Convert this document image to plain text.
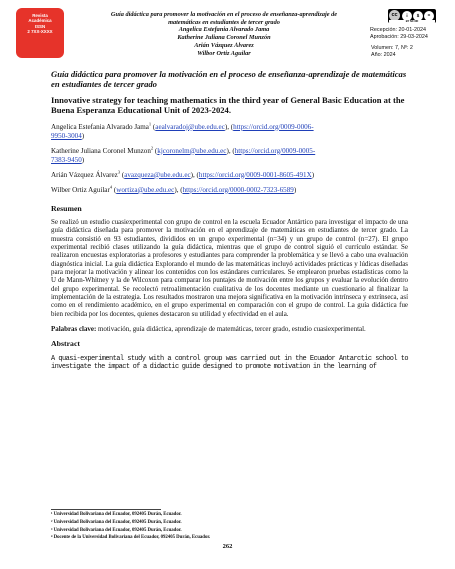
Revista
Académica
ISSN
2 7XX-XXXX
Guía didáctica para promover la motivación en el proceso de enseñanza-aprendizaje de
matemáticas en estudiantes de tercer grado
Angelica Estefania Alvarado Jama
Katherine Juliana Coronel Munzón
Arián Vázquez Álvarez
Wilbor Ortiz Aguilar
cc	i	$	=
BY NC ND
Recepción: 20-01-2024
Aprobación: 29-03-2024
Volumen: 7, Nº: 2
Año: 2024

Guía didáctica para promover la motivación en el proceso de enseñanza-aprendizaje de matemáticas en estudiantes de tercer grado

Innovative strategy for teaching mathematics in the third year of General Basic Education at the Buena Esperanza Educational Unit of 2023-2024.

Angelica Estefania Alvarado Jama$^1$ (aealvaradoj@ube.edu.ec), (https://orcid.org/0009-0006-
9950-3004)
Katherine Juliana Coronel Munzon$^2$ (kjcoronelm@ube.edu.ec), (https://orcid.org/0009-0005-
7383-9450)
Arián Vázquez Álvarez$^3$ (avazqueza@ube.edu.ec), (https://orcid.org/0009-0001-8605-491X)
Wilber Ortiz Aguilar$^4$ (wortiza@ube.edu.ec), (https://orcid.org/0000-0002-7323-6589)
Resumen
Se realizó un estudio cuasiexperimental con grupo de control en la escuela Ecuador Antártico para investigar el impacto de una guía didáctica diseñada para promover la motivación en el aprendizaje de matemáticas en estudiantes de tercer grado. La muestra consistió en 93 estudiantes, divididos en un grupo experimental (n=34) y un grupo de control (n=27). El grupo experimental recibió clases utilizando la guía didáctica, mientras que el grupo de control siguió el currículo estándar. Se realizaron encuestas exploratorias a profesores y estudiantes para comprender la problemática y se llevó a cabo una evaluación diagnóstica inicial. La guía didáctica Explorando el mundo de las matemáticas incluyó actividades prácticas y lúdicas diseñadas para mejorar la motivación y alinear los contenidos con los estándares curriculares. Se emplearon pruebas estadísticas como la U de Mann-Whitney y la de Wilcoxon para comparar los puntajes de motivación entre los grupos y evaluar la evolución dentro del grupo experimental. Se recolectó retroalimentación cualitativa de los docentes mediante un cuestionario al finalizar la implementación de la estrategia. Los resultados mostraron una mejora significativa en la motivación intrínseca y extrínseca, así como en el rendimiento académico, en el grupo experimental en comparación con el grupo de control. La guía didáctica fue bien recibida por los docentes, quienes destacaron su utilidad y efectividad en el aula.
Palabras clave: motivación, guía didáctica, aprendizaje de matemáticas, tercer grado, estudio cuasiexperimental.
Abstract
A quasi-experimental study with a control group was carried out in the Ecuador Antarctic school to investigate the impact of a didactic guide designed to promote motivation in the learning of
¹ Universidad Bolivariana del Ecuador, 092405 Durán, Ecuador.
² Universidad Bolivariana del Ecuador, 092405 Durán, Ecuador.
³ Universidad Bolivariana del Ecuador, 092405 Durán, Ecuador.
⁴ Docente de la Universidad Bolivariana del Ecuador, 092405 Durán, Ecuador.
262
